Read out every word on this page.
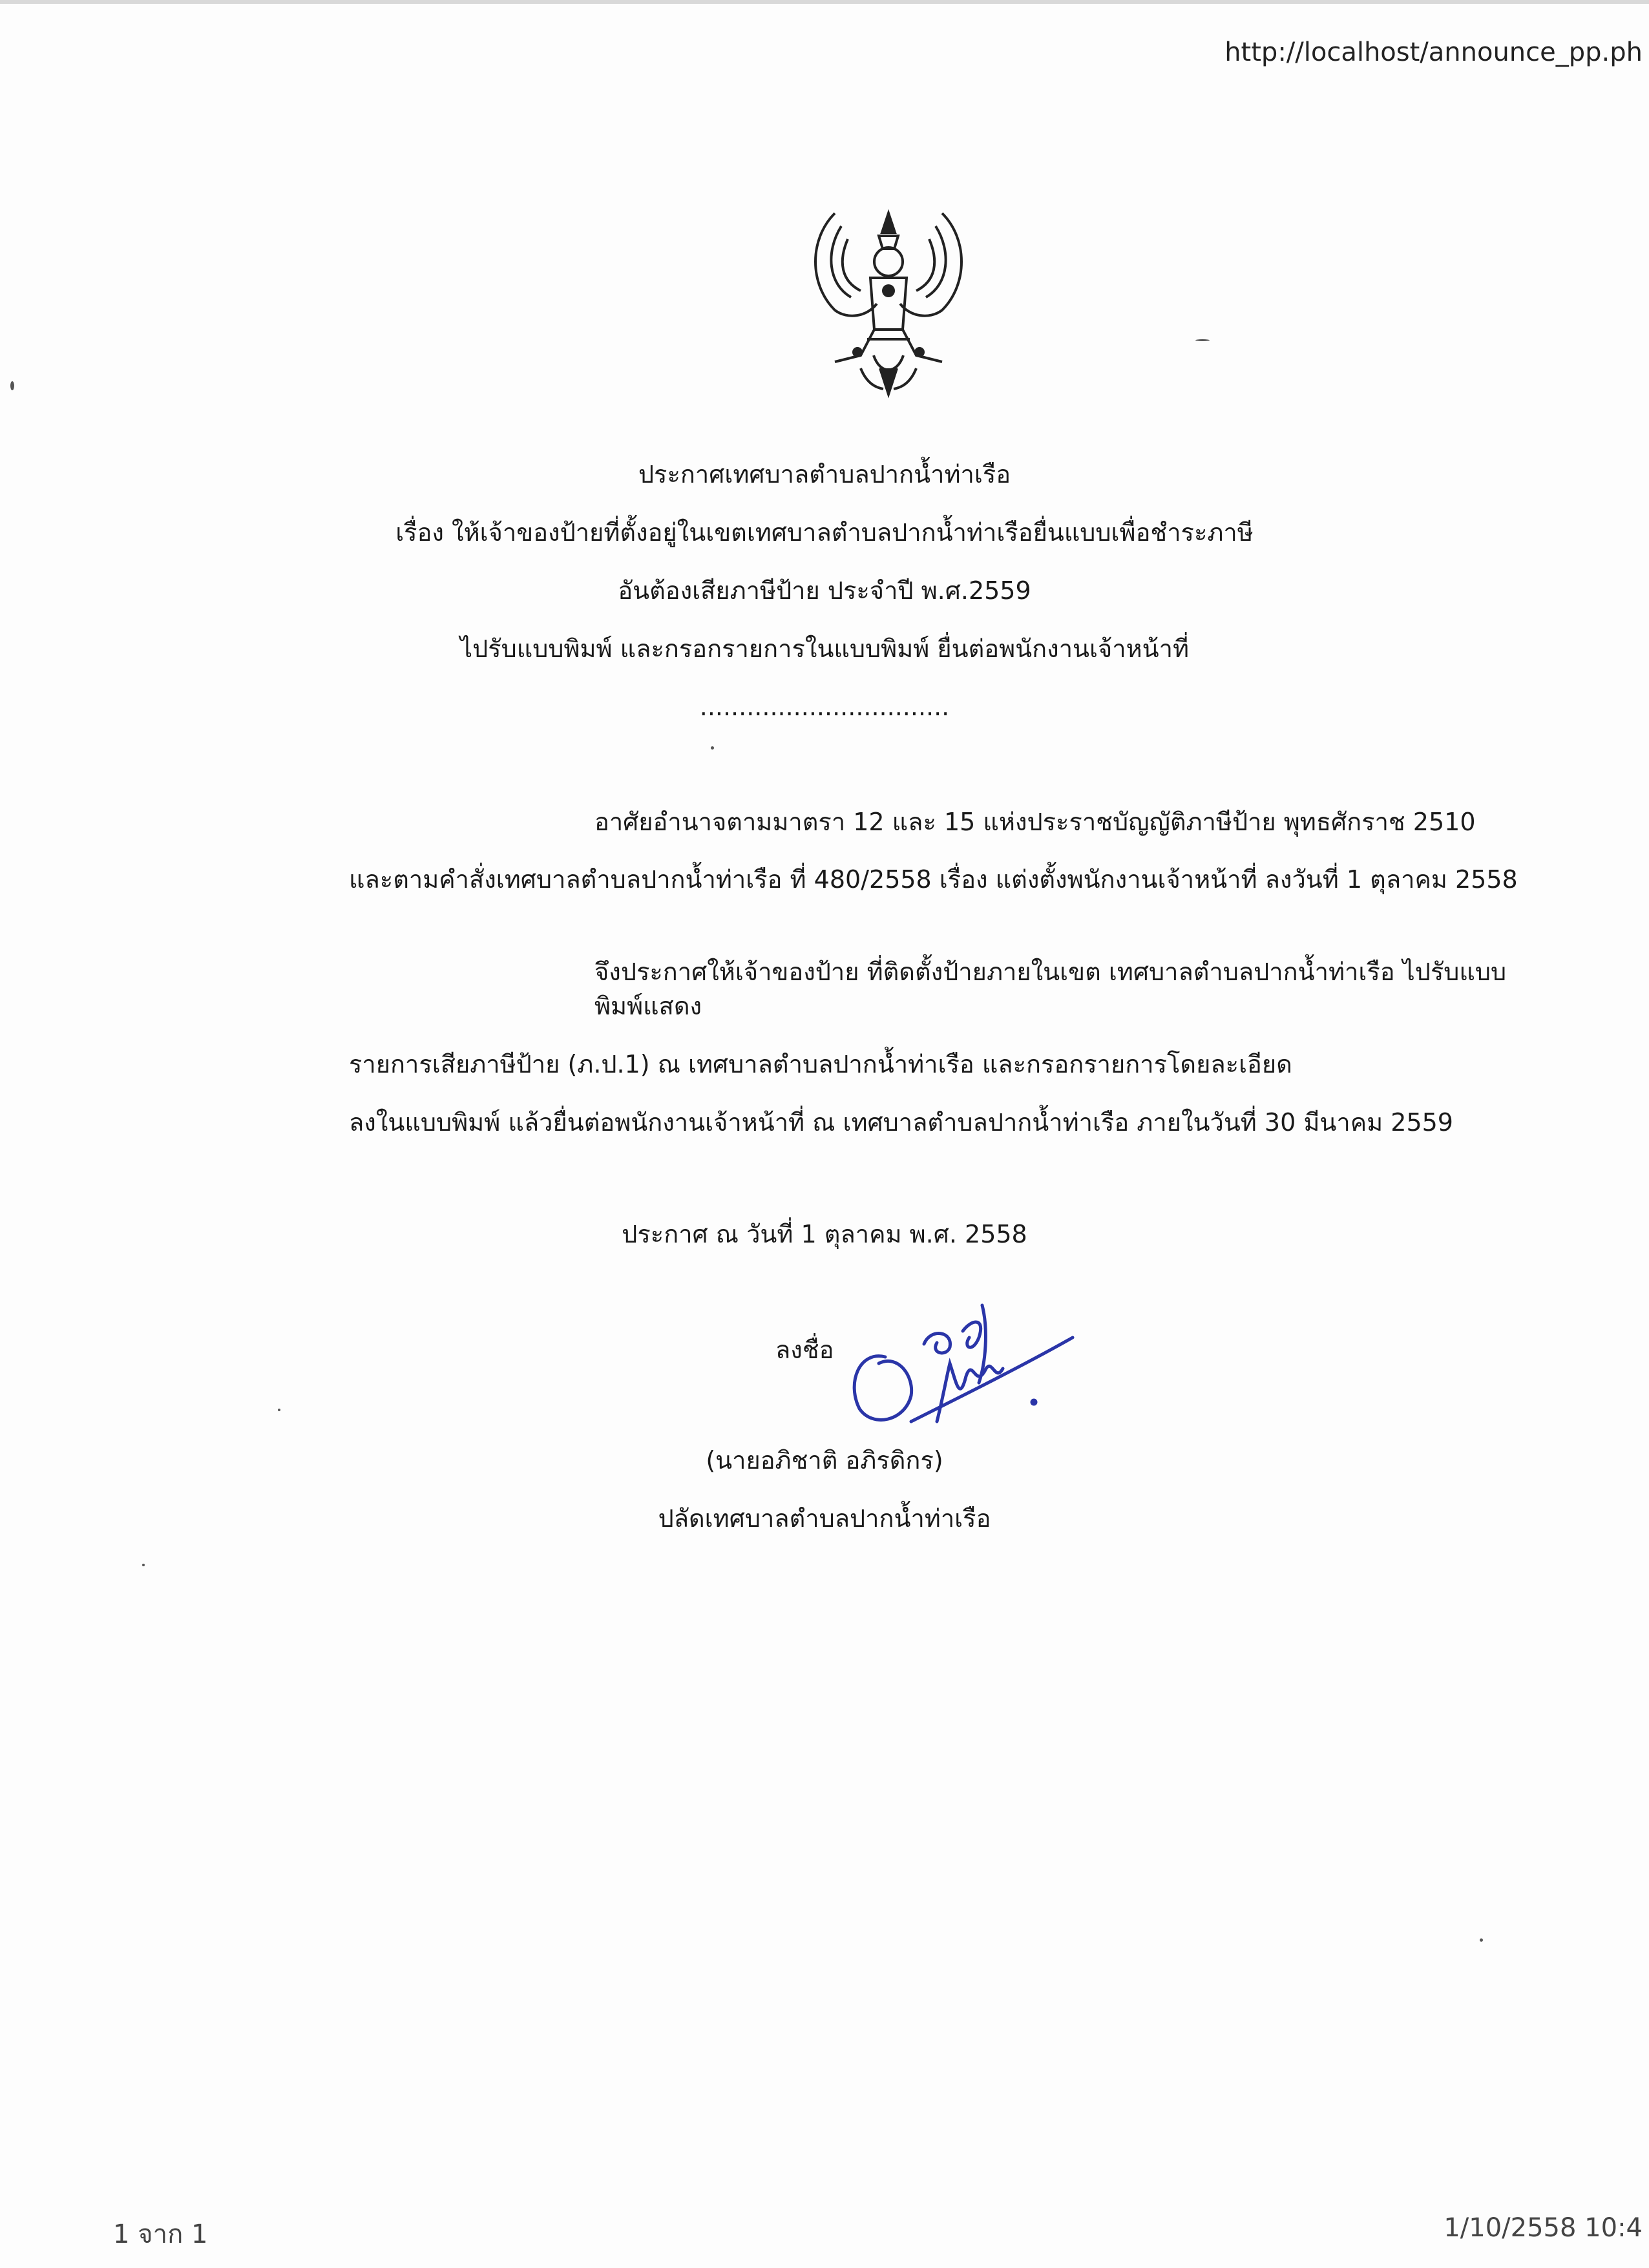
http://localhost/announce_pp.ph
ประกาศเทศบาลตำบลปากน้ำท่าเรือ
เรื่อง ให้เจ้าของป้ายที่ตั้งอยู่ในเขตเทศบาลตำบลปากน้ำท่าเรือยื่นแบบเพื่อชำระภาษี
อันต้องเสียภาษีป้าย ประจำปี พ.ศ.2559
ไปรับแบบพิมพ์ และกรอกรายการในแบบพิมพ์ ยื่นต่อพนักงานเจ้าหน้าที่
................................
อาศัยอำนาจตามมาตรา 12 และ 15 แห่งประราชบัญญัติภาษีป้าย พุทธศักราช 2510
และตามคำสั่งเทศบาลตำบลปากน้ำท่าเรือ ที่ 480/2558 เรื่อง แต่งตั้งพนักงานเจ้าหน้าที่ ลงวันที่ 1 ตุลาคม 2558
จึงประกาศให้เจ้าของป้าย ที่ติดตั้งป้ายภายในเขต เทศบาลตำบลปากน้ำท่าเรือ ไปรับแบบพิมพ์แสดง
รายการเสียภาษีป้าย (ภ.ป.1) ณ เทศบาลตำบลปากน้ำท่าเรือ และกรอกรายการโดยละเอียด
ลงในแบบพิมพ์ แล้วยื่นต่อพนักงานเจ้าหน้าที่ ณ เทศบาลตำบลปากน้ำท่าเรือ ภายในวันที่ 30 มีนาคม 2559
ประกาศ ณ วันที่ 1 ตุลาคม พ.ศ. 2558
ลงชื่อ
(นายอภิชาติ อภิรดิกร)
ปลัดเทศบาลตำบลปากน้ำท่าเรือ
1 จาก 1	1/10/2558 10:4
